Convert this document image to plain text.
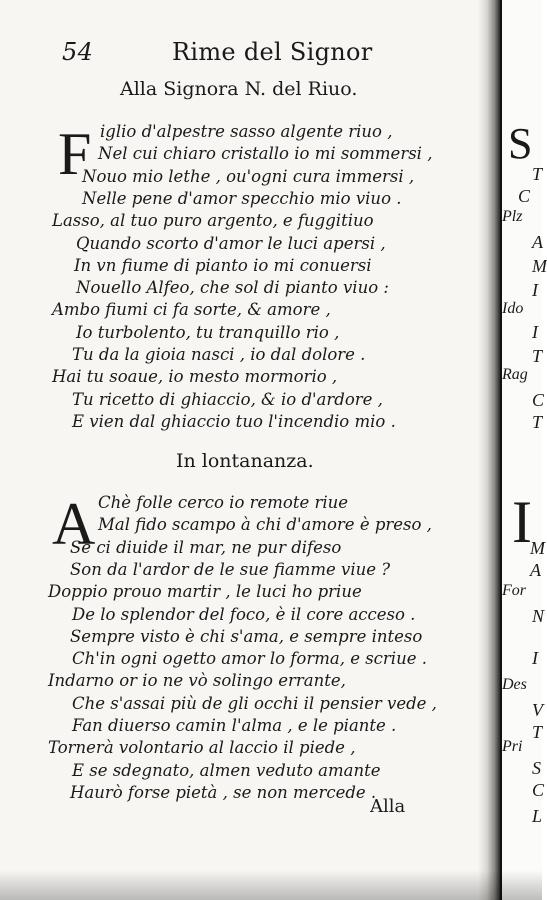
54	Rime del Signor
Alla Signora N. del Riuo.
F iglio d'alpestre sasso algente riuo ,
Nel cui chiaro cristallo io mi sommersi ,
Nouo mio lethe , ou'ogni cura immersi ,
Nelle pene d'amor specchio mio viuo .
Lasso, al tuo puro argento, e fuggitiuo
Quando scorto d'amor le luci apersi ,
In vn fiume di pianto io mi conuersi
Nouello Alfeo, che sol di pianto viuo :
Ambo fiumi ci fa sorte, & amore ,
Io turbolento, tu tranquillo rio ,
Tu da la gioia nasci , io dal dolore .
Hai tu soaue, io mesto mormorio ,
Tu ricetto di ghiaccio, & io d'ardore ,
E vien dal ghiaccio tuo l'incendio mio .
In lontananza.
A Chè folle cerco io remote riue
Mal fido scampo à chi d'amore è preso ,
Se ci diuide il mar, ne pur difeso
Son da l'ardor de le sue fiamme viue ?
Doppio prouo martir , le luci ho priue
De lo splendor del foco, è il core acceso .
Sempre visto è chi s'ama, e sempre inteso
Ch'in ogni ogetto amor lo forma, e scriue .
Indarno or io ne vò solingo errante,
Che s'assai più de gli occhi il pensier vede ,
Fan diuerso camin l'alma , e le piante .
Tornerà volontario al laccio il piede ,
E se sdegnato, almen veduto amante
Haurò forse pietà , se non mercede .
Alla
S
T
C
Plz
A
M
I
Ido
I
T
Rag
C
T
I
M
A
For
N
I
Des
V
T
Pri
S
C
L
